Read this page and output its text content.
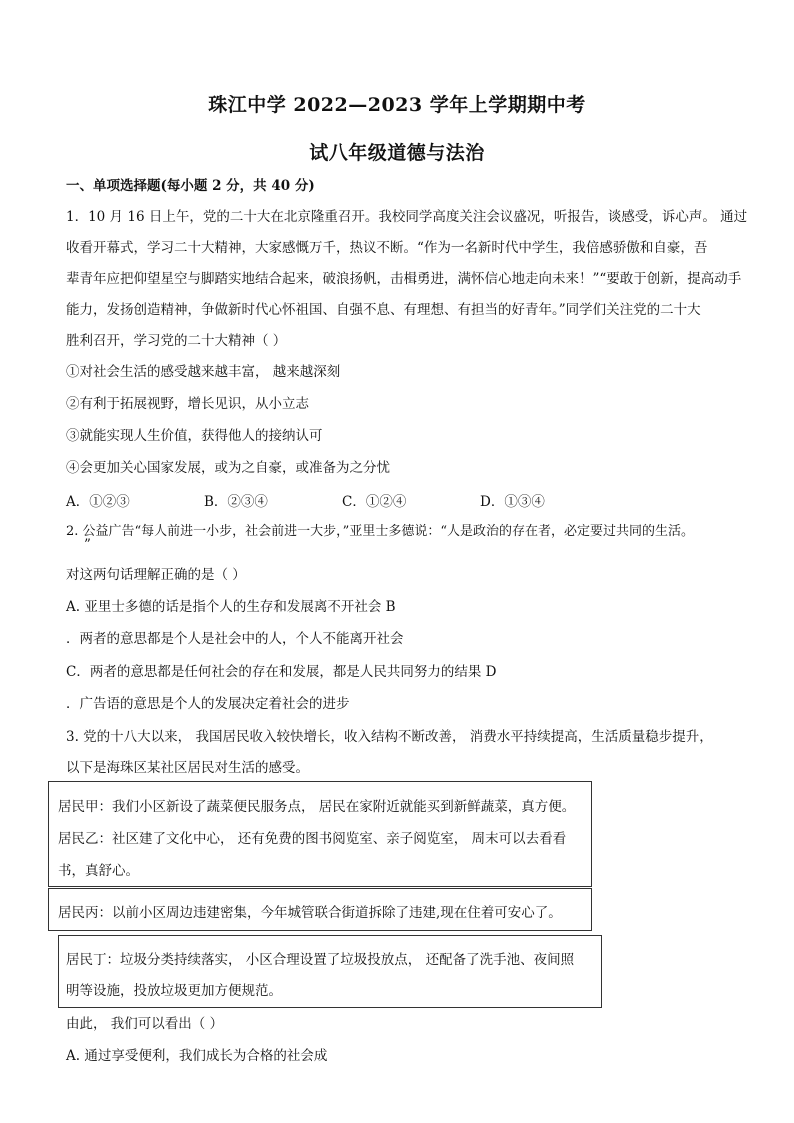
珠江中学 2022—2023 学年上学期期中考
试八年级道德与法治
一、单项选择题(每小题 2 分，共 40 分)
1．10 月 16 日上午，党的二十大在北京隆重召开。我校同学高度关注会议盛况，听报告，谈感受，诉心声。 通过
收看开幕式，学习二十大精神，大家感慨万千，热议不断。“作为一名新时代中学生，我倍感骄傲和自豪，吾
辈青年应把仰望星空与脚踏实地结合起来，破浪扬帆，击楫勇进，满怀信心地走向未来！”“要敢于创新，提高动手
能力，发扬创造精神，争做新时代心怀祖国、自强不息、有理想、有担当的好青年。”同学们关注党的二十大
胜利召开，学习党的二十大精神（ ）
①对社会生活的感受越来越丰富， 越来越深刻
②有利于拓展视野，增长见识，从小立志
③就能实现人生价值，获得他人的接纳认可
④会更加关心国家发展，或为之自豪，或准备为之分忧
A．①②③	B．②③④	C．①②④	D．①③④
2. 公益广告“每人前进一小步，社会前进一大步，”亚里士多德说：“人是政治的存在者，必定要过共同的生活。
”
对这两句话理解正确的是（ ）
A. 亚里士多德的话是指个人的生存和发展离不开社会 B
．两者的意思都是个人是社会中的人，个人不能离开社会
C．两者的意思都是任何社会的存在和发展，都是人民共同努力的结果 D
．广告语的意思是个人的发展决定着社会的进步
3. 党的十八大以来， 我国居民收入较快增长，收入结构不断改善， 消费水平持续提高，生活质量稳步提升，
以下是海珠区某社区居民对生活的感受。
居民甲：我们小区新设了蔬菜便民服务点， 居民在家附近就能买到新鲜蔬菜，真方便。
居民乙：社区建了文化中心， 还有免费的图书阅览室、亲子阅览室， 周末可以去看看
书，真舒心。
居民丙：以前小区周边违建密集，今年城管联合街道拆除了违建,现在住着可安心了。
居民丁：垃圾分类持续落实， 小区合理设置了垃圾投放点， 还配备了洗手池、夜间照
明等设施，投放垃圾更加方便规范。
由此， 我们可以看出（ ）
A. 通过享受便利，我们成长为合格的社会成
